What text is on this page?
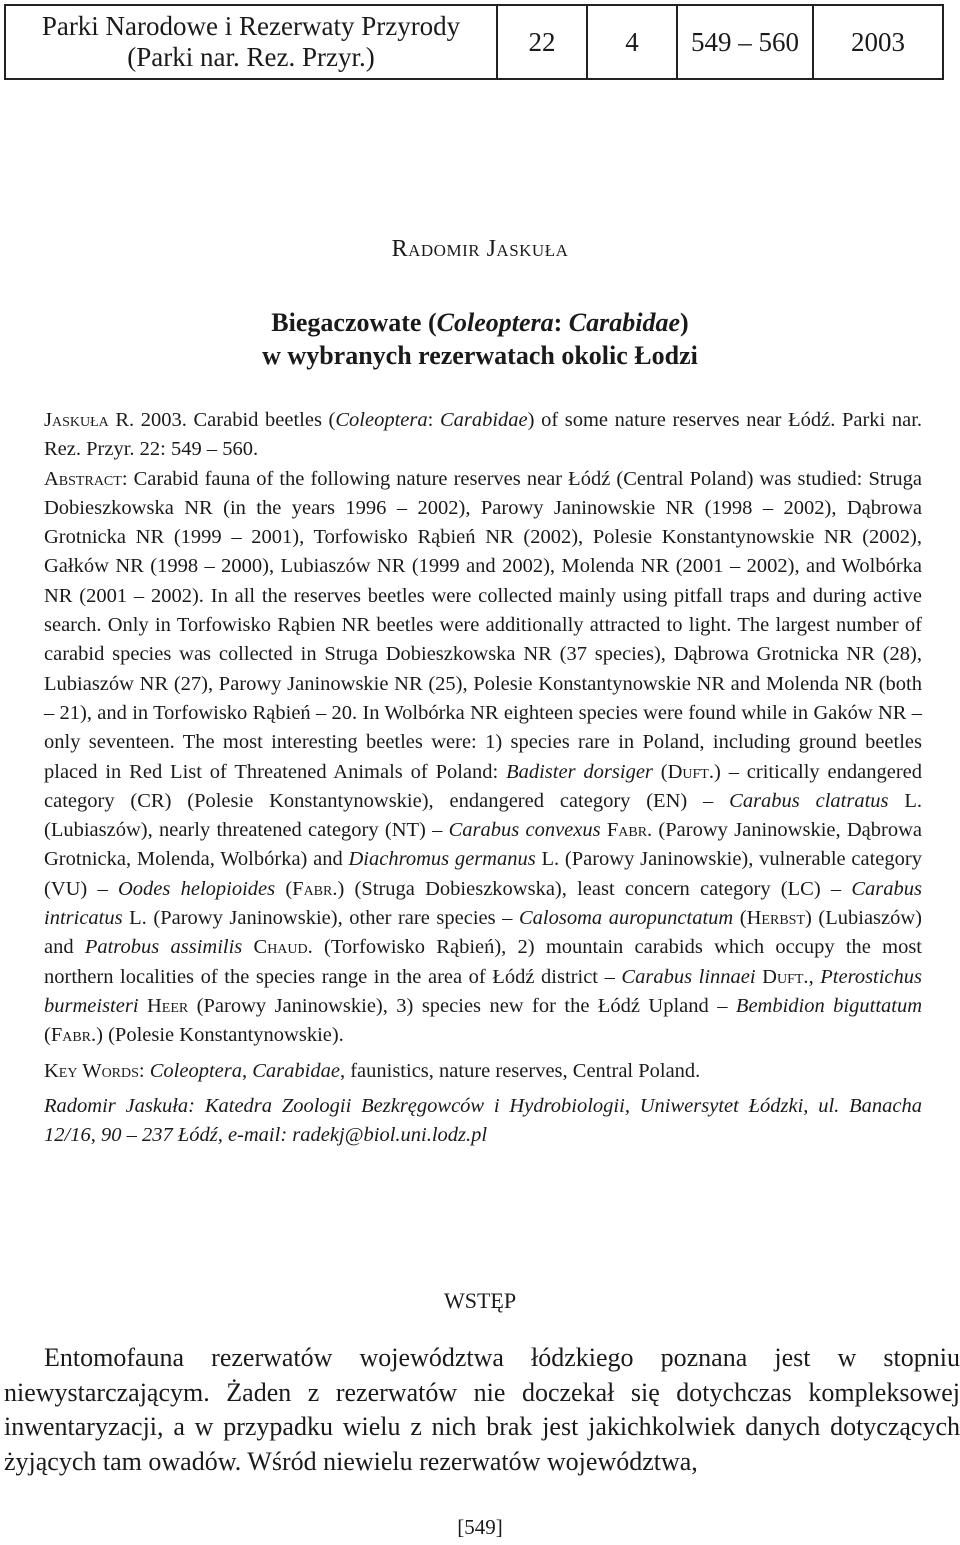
Parki Narodowe i Rezerwaty Przyrody
(Parki nar. Rez. Przyr.)
	22	4	549 – 560	2003
Radomir Jaskuła
Biegaczowate (Coleoptera: Carabidae)
w wybranych rezerwatach okolic Łodzi

Jaskuła R. 2003. Carabid beetles (Coleoptera: Carabidae) of some nature reserves near Łódź. Parki nar. Rez. Przyr. 22: 549 – 560.

Abstract: Carabid fauna of the following nature reserves near Łódź (Central Poland) was studied: Struga Dobieszkowska NR (in the years 1996 – 2002), Parowy Janinowskie NR (1998 – 2002), Dąbrowa Grotnicka NR (1999 – 2001), Torfowisko Rąbień NR (2002), Polesie Konstantynowskie NR (2002), Gałków NR (1998 – 2000), Lubiaszów NR (1999 and 2002), Molenda NR (2001 – 2002), and Wolbórka NR (2001 – 2002). In all the reserves beetles were collected mainly using pitfall traps and during active search. Only in Torfowisko Rąbien NR beetles were additionally attracted to light. The largest number of carabid species was collected in Struga Dobieszkowska NR (37 species), Dąbrowa Grotnicka NR (28), Lubiaszów NR (27), Parowy Janinowskie NR (25), Polesie Konstantynowskie NR and Molenda NR (both – 21), and in Torfowisko Rąbień – 20. In Wolbórka NR eighteen species were found while in Gaków NR – only seventeen. The most interesting beetles were: 1) species rare in Poland, including ground beetles placed in Red List of Threatened Animals of Poland: Badister dorsiger (Duft.) – critically endangered category (CR) (Polesie Konstantynowskie), endangered category (EN) – Carabus clatratus L. (Lubiaszów), nearly threatened category (NT) – Carabus convexus Fabr. (Parowy Janinowskie, Dąbrowa Grotnicka, Molenda, Wolbórka) and Diachromus germanus L. (Parowy Janinowskie), vulnerable category (VU) – Oodes helopioides (Fabr.) (Struga Dobieszkowska), least concern category (LC) – Carabus intricatus L. (Parowy Janinowskie), other rare species – Calosoma auropunctatum (Herbst) (Lubiaszów) and Patrobus assimilis Chaud. (Torfowisko Rąbień), 2) mountain carabids which occupy the most northern localities of the species range in the area of Łódź district – Carabus linnaei Duft., Pterostichus burmeisteri Heer (Parowy Janinowskie), 3) species new for the Łódź Upland – Bembidion biguttatum (Fabr.) (Polesie Konstantynowskie).

Key Words: Coleoptera, Carabidae, faunistics, nature reserves, Central Poland.

Radomir Jaskuła: Katedra Zoologii Bezkręgowców i Hydrobiologii, Uniwersytet Łódzki, ul. Banacha 12/16, 90 – 237 Łódź, e-mail: radekj@biol.uni.lodz.pl

WSTĘP

Entomofauna rezerwatów województwa łódzkiego poznana jest w stopniu niewystarczającym. Żaden z rezerwatów nie doczekał się dotychczas kompleksowej inwentaryzacji, a w przypadku wielu z nich brak jest jakichkolwiek danych dotyczących żyjących tam owadów. Wśród niewielu rezerwatów województwa,

[549]
